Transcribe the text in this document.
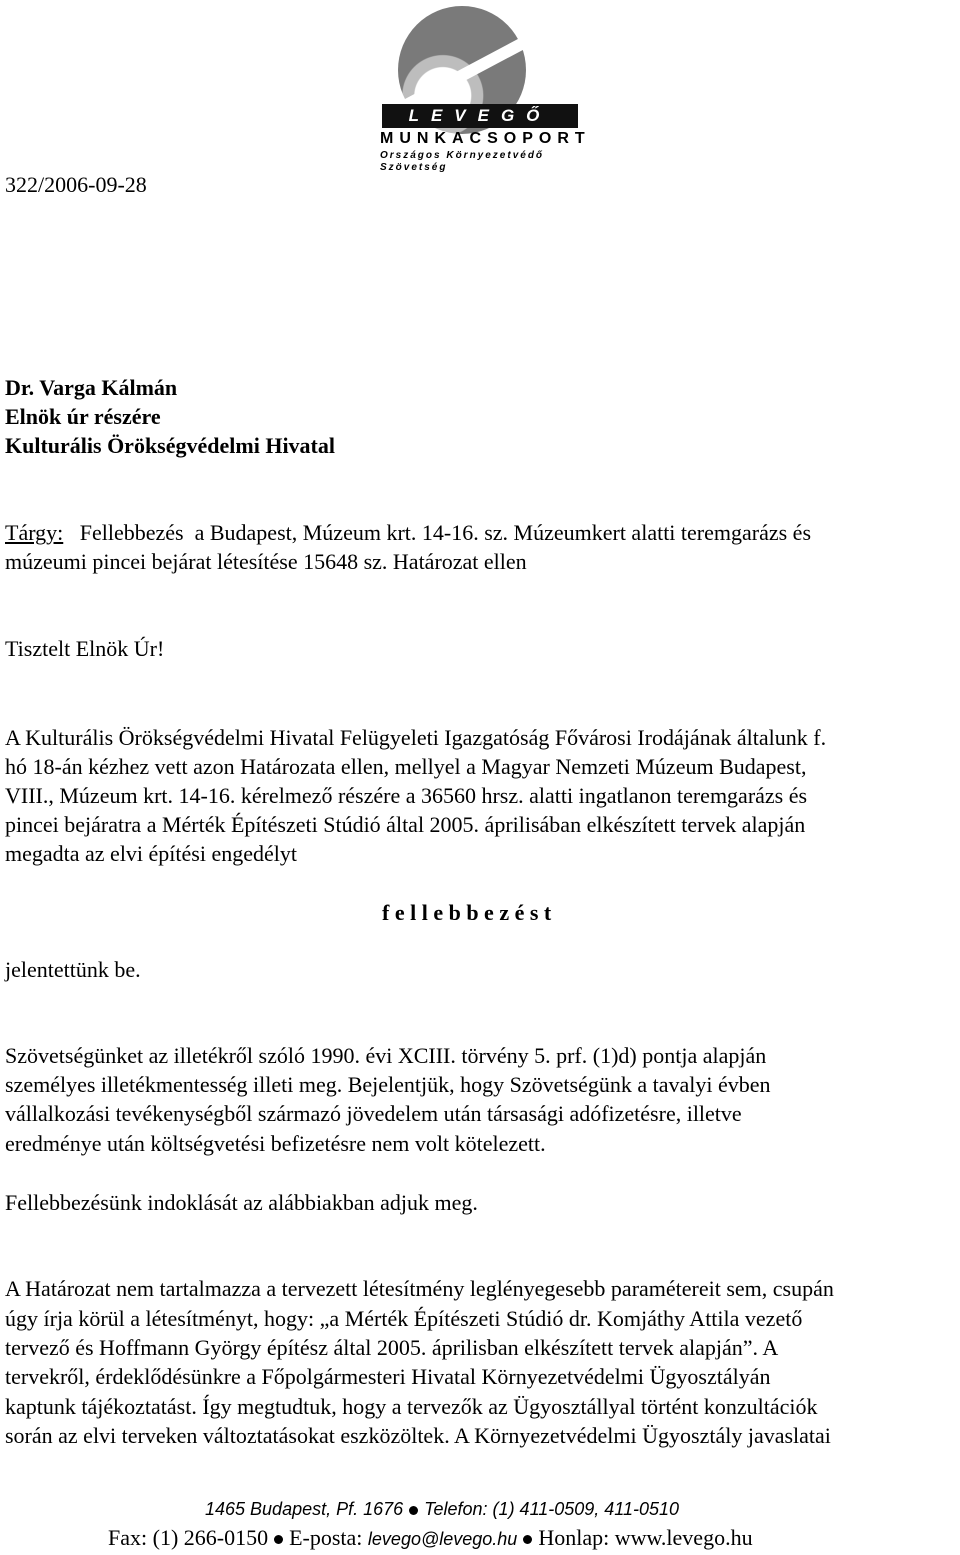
LEVEGŐ
MUNKACSOPORT
Országos Környezetvédő
Szövetség
322/2006-09-28
Dr. Varga Kálmán
Elnök úr részére
Kulturális Örökségvédelmi Hivatal
Tárgy:   Fellebbezés  a Budapest, Múzeum krt. 14-16. sz. Múzeumkert alatti teremgarázs és
múzeumi pincei bejárat létesítése 15648 sz. Határozat ellen
Tisztelt Elnök Úr!
A Kulturális Örökségvédelmi Hivatal Felügyeleti Igazgatóság Fővárosi Irodájának általunk f.
hó 18-án kézhez vett azon Határozata ellen, mellyel a Magyar Nemzeti Múzeum Budapest,
VIII., Múzeum krt. 14-16. kérelmező részére a 36560 hrsz. alatti ingatlanon teremgarázs és
pincei bejáratra a Mérték Építészeti Stúdió által 2005. áprilisában elkészített tervek alapján
megadta az elvi építési engedélyt
f e l l e b b e z é s t
jelentettünk be.
Szövetségünket az illetékről szóló 1990. évi XCIII. törvény 5. prf. (1)d) pontja alapján
személyes illetékmentesség illeti meg. Bejelentjük, hogy Szövetségünk a tavalyi évben
vállalkozási tevékenységből származó jövedelem után társasági adófizetésre, illetve
eredménye után költségvetési befizetésre nem volt kötelezett.
Fellebbezésünk indoklását az alábbiakban adjuk meg.
A Határozat nem tartalmazza a tervezett létesítmény leglényegesebb paramétereit sem, csupán
úgy írja körül a létesítményt, hogy: „a Mérték Építészeti Stúdió dr. Komjáthy Attila vezető
tervező és Hoffmann György építész által 2005. áprilisban elkészített tervek alapján”. A
tervekről, érdeklődésünkre a Főpolgármesteri Hivatal Környezetvédelmi Ügyosztályán
kaptunk tájékoztatást. Így megtudtuk, hogy a tervezők az Ügyosztállyal történt konzultációk
során az elvi terveken változtatásokat eszközöltek. A Környezetvédelmi Ügyosztály javaslatai
1465 Budapest, Pf. 1676 Telefon: (1) 411-0509, 411-0510
Fax: (1) 266-0150 E-posta: levego@levego.hu Honlap: www.levego.hu
